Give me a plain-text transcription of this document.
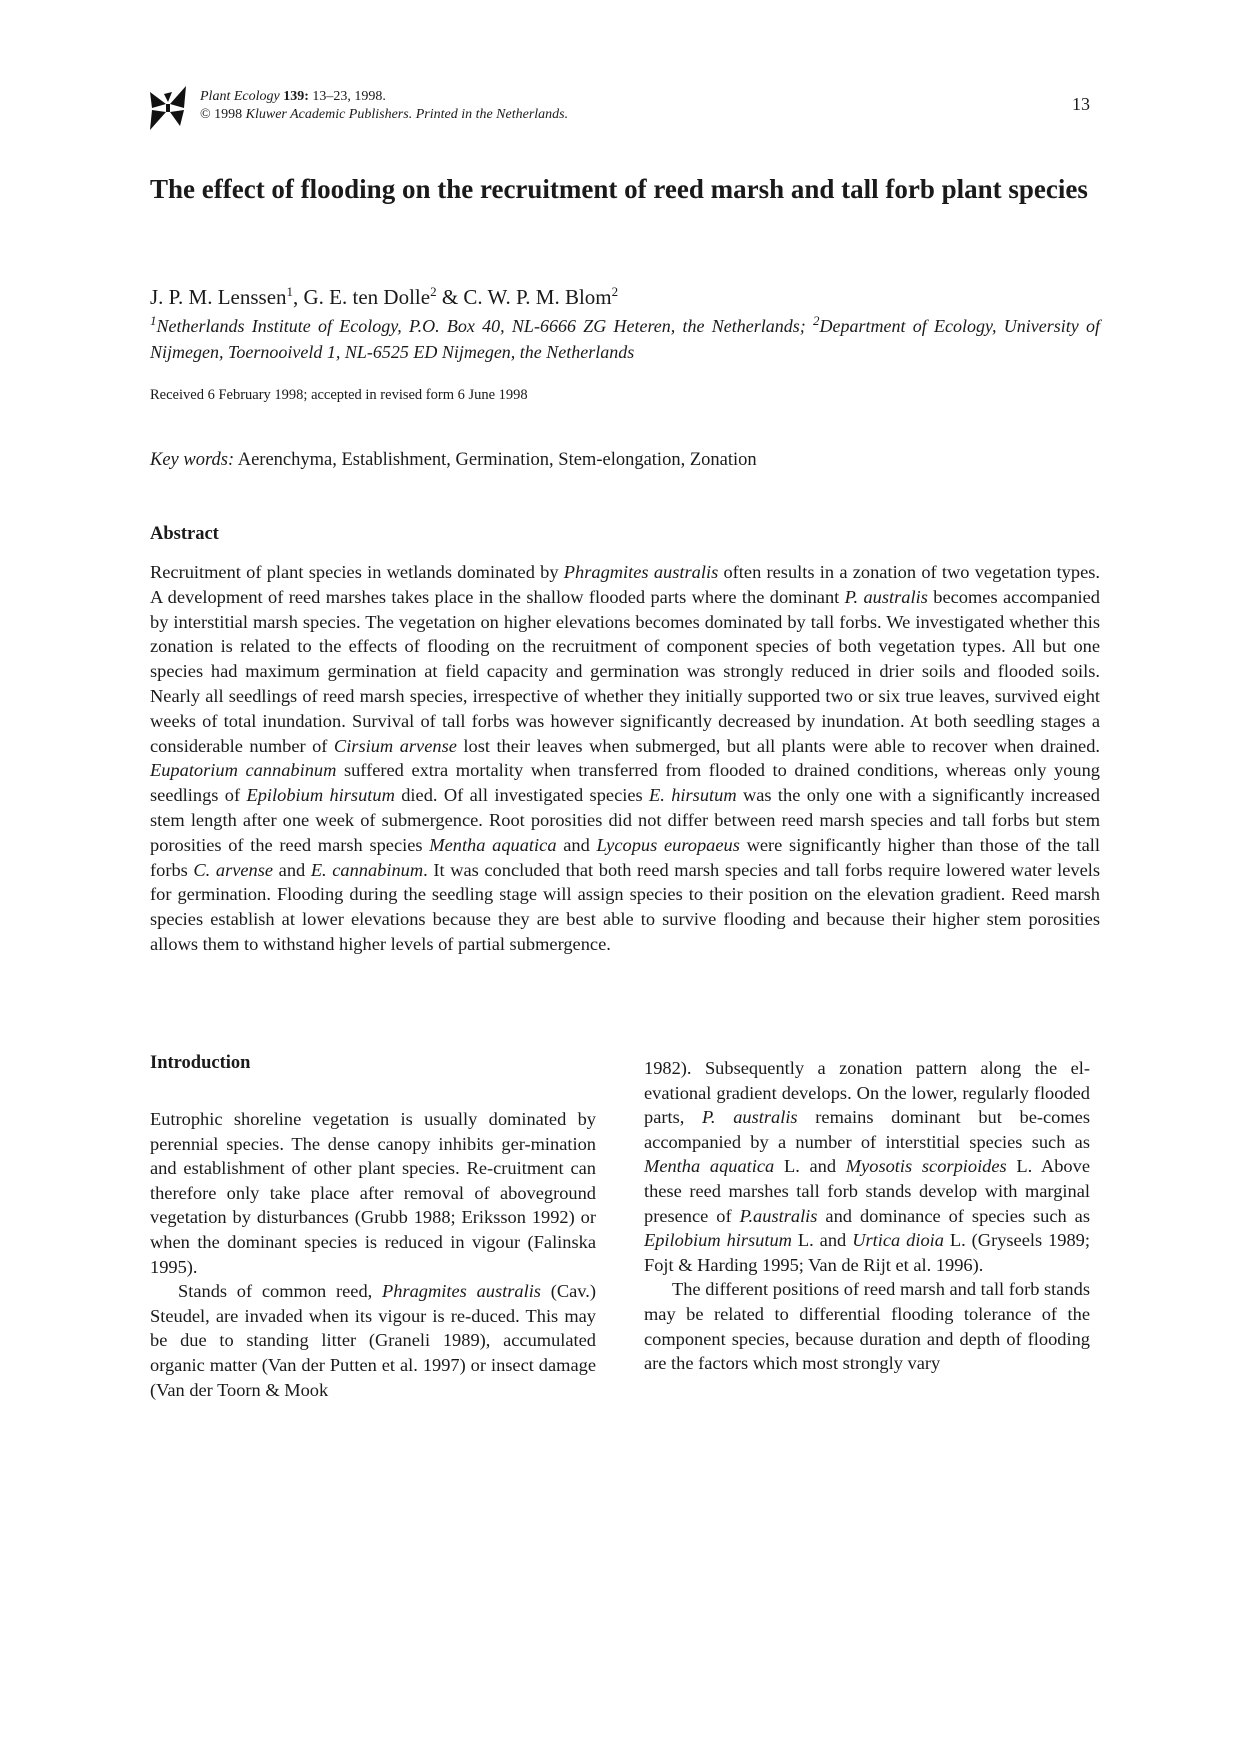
Plant Ecology 139: 13–23, 1998.
© 1998 Kluwer Academic Publishers. Printed in the Netherlands.
13
The effect of flooding on the recruitment of reed marsh and tall forb plant species
J. P. M. Lenssen$^1$, G. E. ten Dolle$^2$ & C. W. P. M. Blom$^2$
$^1$Netherlands Institute of Ecology, P.O. Box 40, NL-6666 ZG Heteren, the Netherlands; $^2$Department of Ecology, University of Nijmegen, Toernooiveld 1, NL-6525 ED Nijmegen, the Netherlands
Received 6 February 1998; accepted in revised form 6 June 1998
Key words: Aerenchyma, Establishment, Germination, Stem-elongation, Zonation
Abstract
Recruitment of plant species in wetlands dominated by Phragmites australis often results in a zonation of two vegetation types. A development of reed marshes takes place in the shallow flooded parts where the dominant P. australis becomes accompanied by interstitial marsh species. The vegetation on higher elevations becomes dominated by tall forbs. We investigated whether this zonation is related to the effects of flooding on the recruitment of component species of both vegetation types. All but one species had maximum germination at field capacity and germination was strongly reduced in drier soils and flooded soils. Nearly all seedlings of reed marsh species, irrespective of whether they initially supported two or six true leaves, survived eight weeks of total inundation. Survival of tall forbs was however significantly decreased by inundation. At both seedling stages a considerable number of Cirsium arvense lost their leaves when submerged, but all plants were able to recover when drained. Eupatorium cannabinum suffered extra mortality when transferred from flooded to drained conditions, whereas only young seedlings of Epilobium hirsutum died. Of all investigated species E. hirsutum was the only one with a significantly increased stem length after one week of submergence. Root porosities did not differ between reed marsh species and tall forbs but stem porosities of the reed marsh species Mentha aquatica and Lycopus europaeus were significantly higher than those of the tall forbs C. arvense and E. cannabinum. It was concluded that both reed marsh species and tall forbs require lowered water levels for germination. Flooding during the seedling stage will assign species to their position on the elevation gradient. Reed marsh species establish at lower elevations because they are best able to survive flooding and because their higher stem porosities allows them to withstand higher levels of partial submergence.
Introduction

Eutrophic shoreline vegetation is usually dominated by perennial species. The dense canopy inhibits ger-mination and establishment of other plant species. Re-cruitment can therefore only take place after removal of aboveground vegetation by disturbances (Grubb 1988; Eriksson 1992) or when the dominant species is reduced in vigour (Falinska 1995).

Stands of common reed, Phragmites australis (Cav.) Steudel, are invaded when its vigour is re-duced. This may be due to standing litter (Graneli 1989), accumulated organic matter (Van der Putten et al. 1997) or insect damage (Van der Toorn & Mook

1982). Subsequently a zonation pattern along the el-evational gradient develops. On the lower, regularly flooded parts, P. australis remains dominant but be-comes accompanied by a number of interstitial species such as Mentha aquatica L. and Myosotis scorpioides L. Above these reed marshes tall forb stands develop with marginal presence of P.australis and dominance of species such as Epilobium hirsutum L. and Urtica dioia L. (Gryseels 1989; Fojt & Harding 1995; Van de Rijt et al. 1996).

The different positions of reed marsh and tall forb stands may be related to differential flooding tolerance of the component species, because duration and depth of flooding are the factors which most strongly vary
